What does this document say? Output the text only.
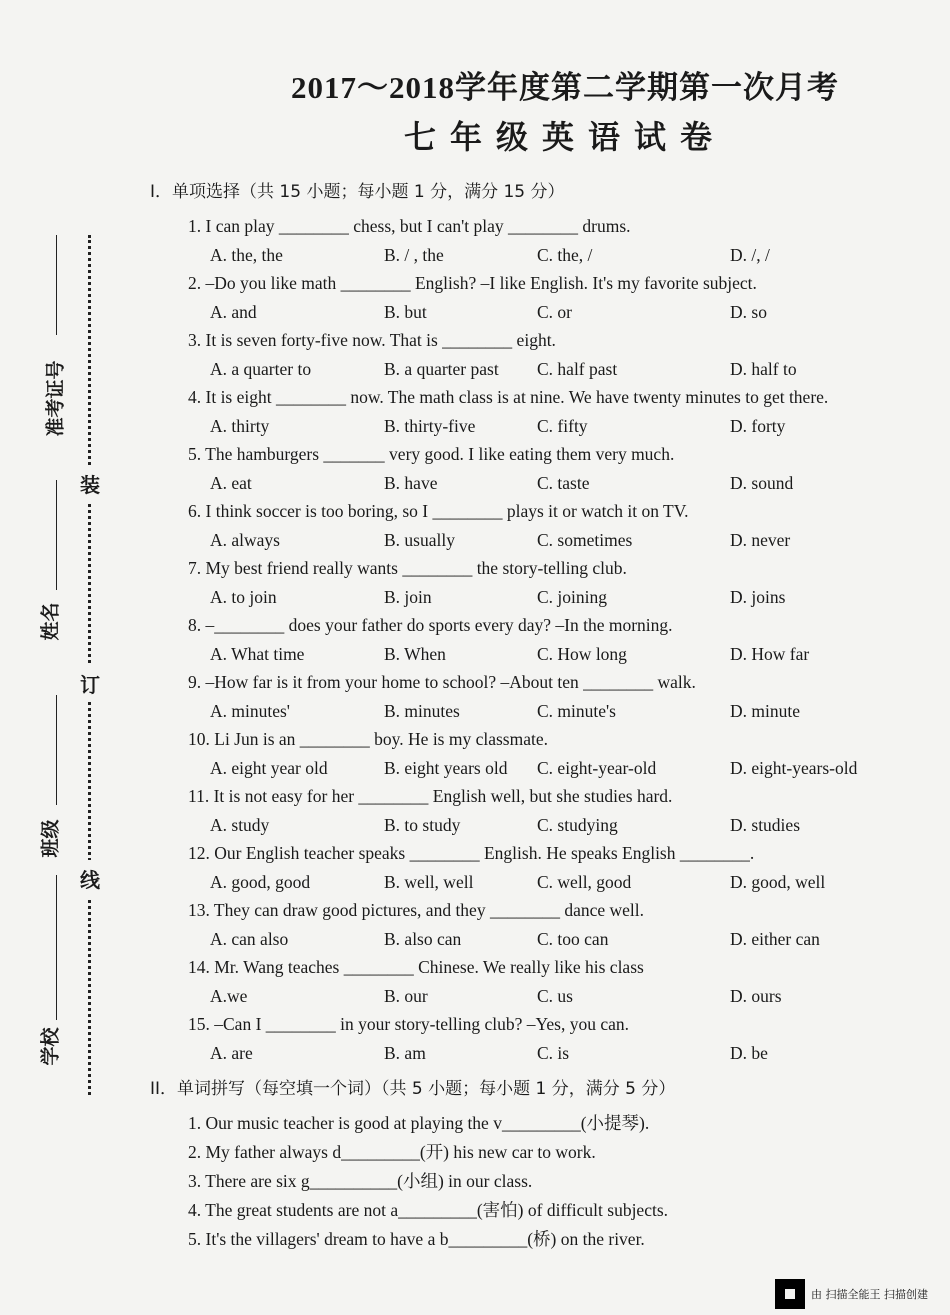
2017～2018学年度第二学期第一次月考
七年级英语试卷
装
订
线
准考证号
姓名
班级
学校
I．单项选择（共 15 小题；每小题 1 分，满分 15 分）
1. I can play ________ chess, but I can't play ________ drums.
A. the, the	B. / , the	C. the, /	D. /, /
2. –Do you like math ________ English? –I like English. It's my favorite subject.
A. and	B. but	C. or	D. so
3. It is seven forty-five now. That is ________ eight.
A. a quarter to	B. a quarter past C. half past	D. half to
4. It is eight ________ now. The math class is at nine. We have twenty minutes to get there.
A. thirty	B. thirty-five	C. fifty	D. forty
5. The hamburgers _______ very good. I like eating them very much.
A. eat	B. have	C. taste	D. sound
6. I think soccer is too boring, so I ________ plays it or watch it on TV.
A. always	B. usually	C. sometimes	D. never
7. My best friend really wants ________ the story-telling club.
A. to join	B. join	C. joining	D. joins
8. –________ does your father do sports every day? –In the morning.
A. What time	B. When	C. How long	D. How far
9. –How far is it from your home to school? –About ten ________ walk.
A. minutes'	B. minutes	C. minute's	D. minute
10. Li Jun is an ________ boy. He is my classmate.
A. eight year old	B. eight years old C. eight-year-old	D. eight-years-old
11. It is not easy for her ________ English well, but she studies hard.
A. study	B. to study	C. studying	D. studies
12. Our English teacher speaks ________ English. He speaks English ________.
A. good, good	B. well, well	C. well, good	D. good, well
13. They can draw good pictures, and they ________ dance well.
A. can also	B. also can	C. too can	D. either can
14. Mr. Wang teaches ________ Chinese. We really like his class
A.we	B. our	C. us	D. ours
15. –Can I ________ in your story-telling club? –Yes, you can.
A. are	B. am	C. is	D. be
II．单词拼写（每空填一个词）（共 5 小题；每小题 1 分，满分 5 分）
1. Our music teacher is good at playing the v_________(小提琴).
2. My father always d_________(开) his new car to work.
3. There are six g__________(小组) in our class.
4. The great students are not a_________(害怕) of difficult subjects.
5. It's the villagers' dream to have a b_________(桥) on the river.
由 扫描全能王 扫描创建
